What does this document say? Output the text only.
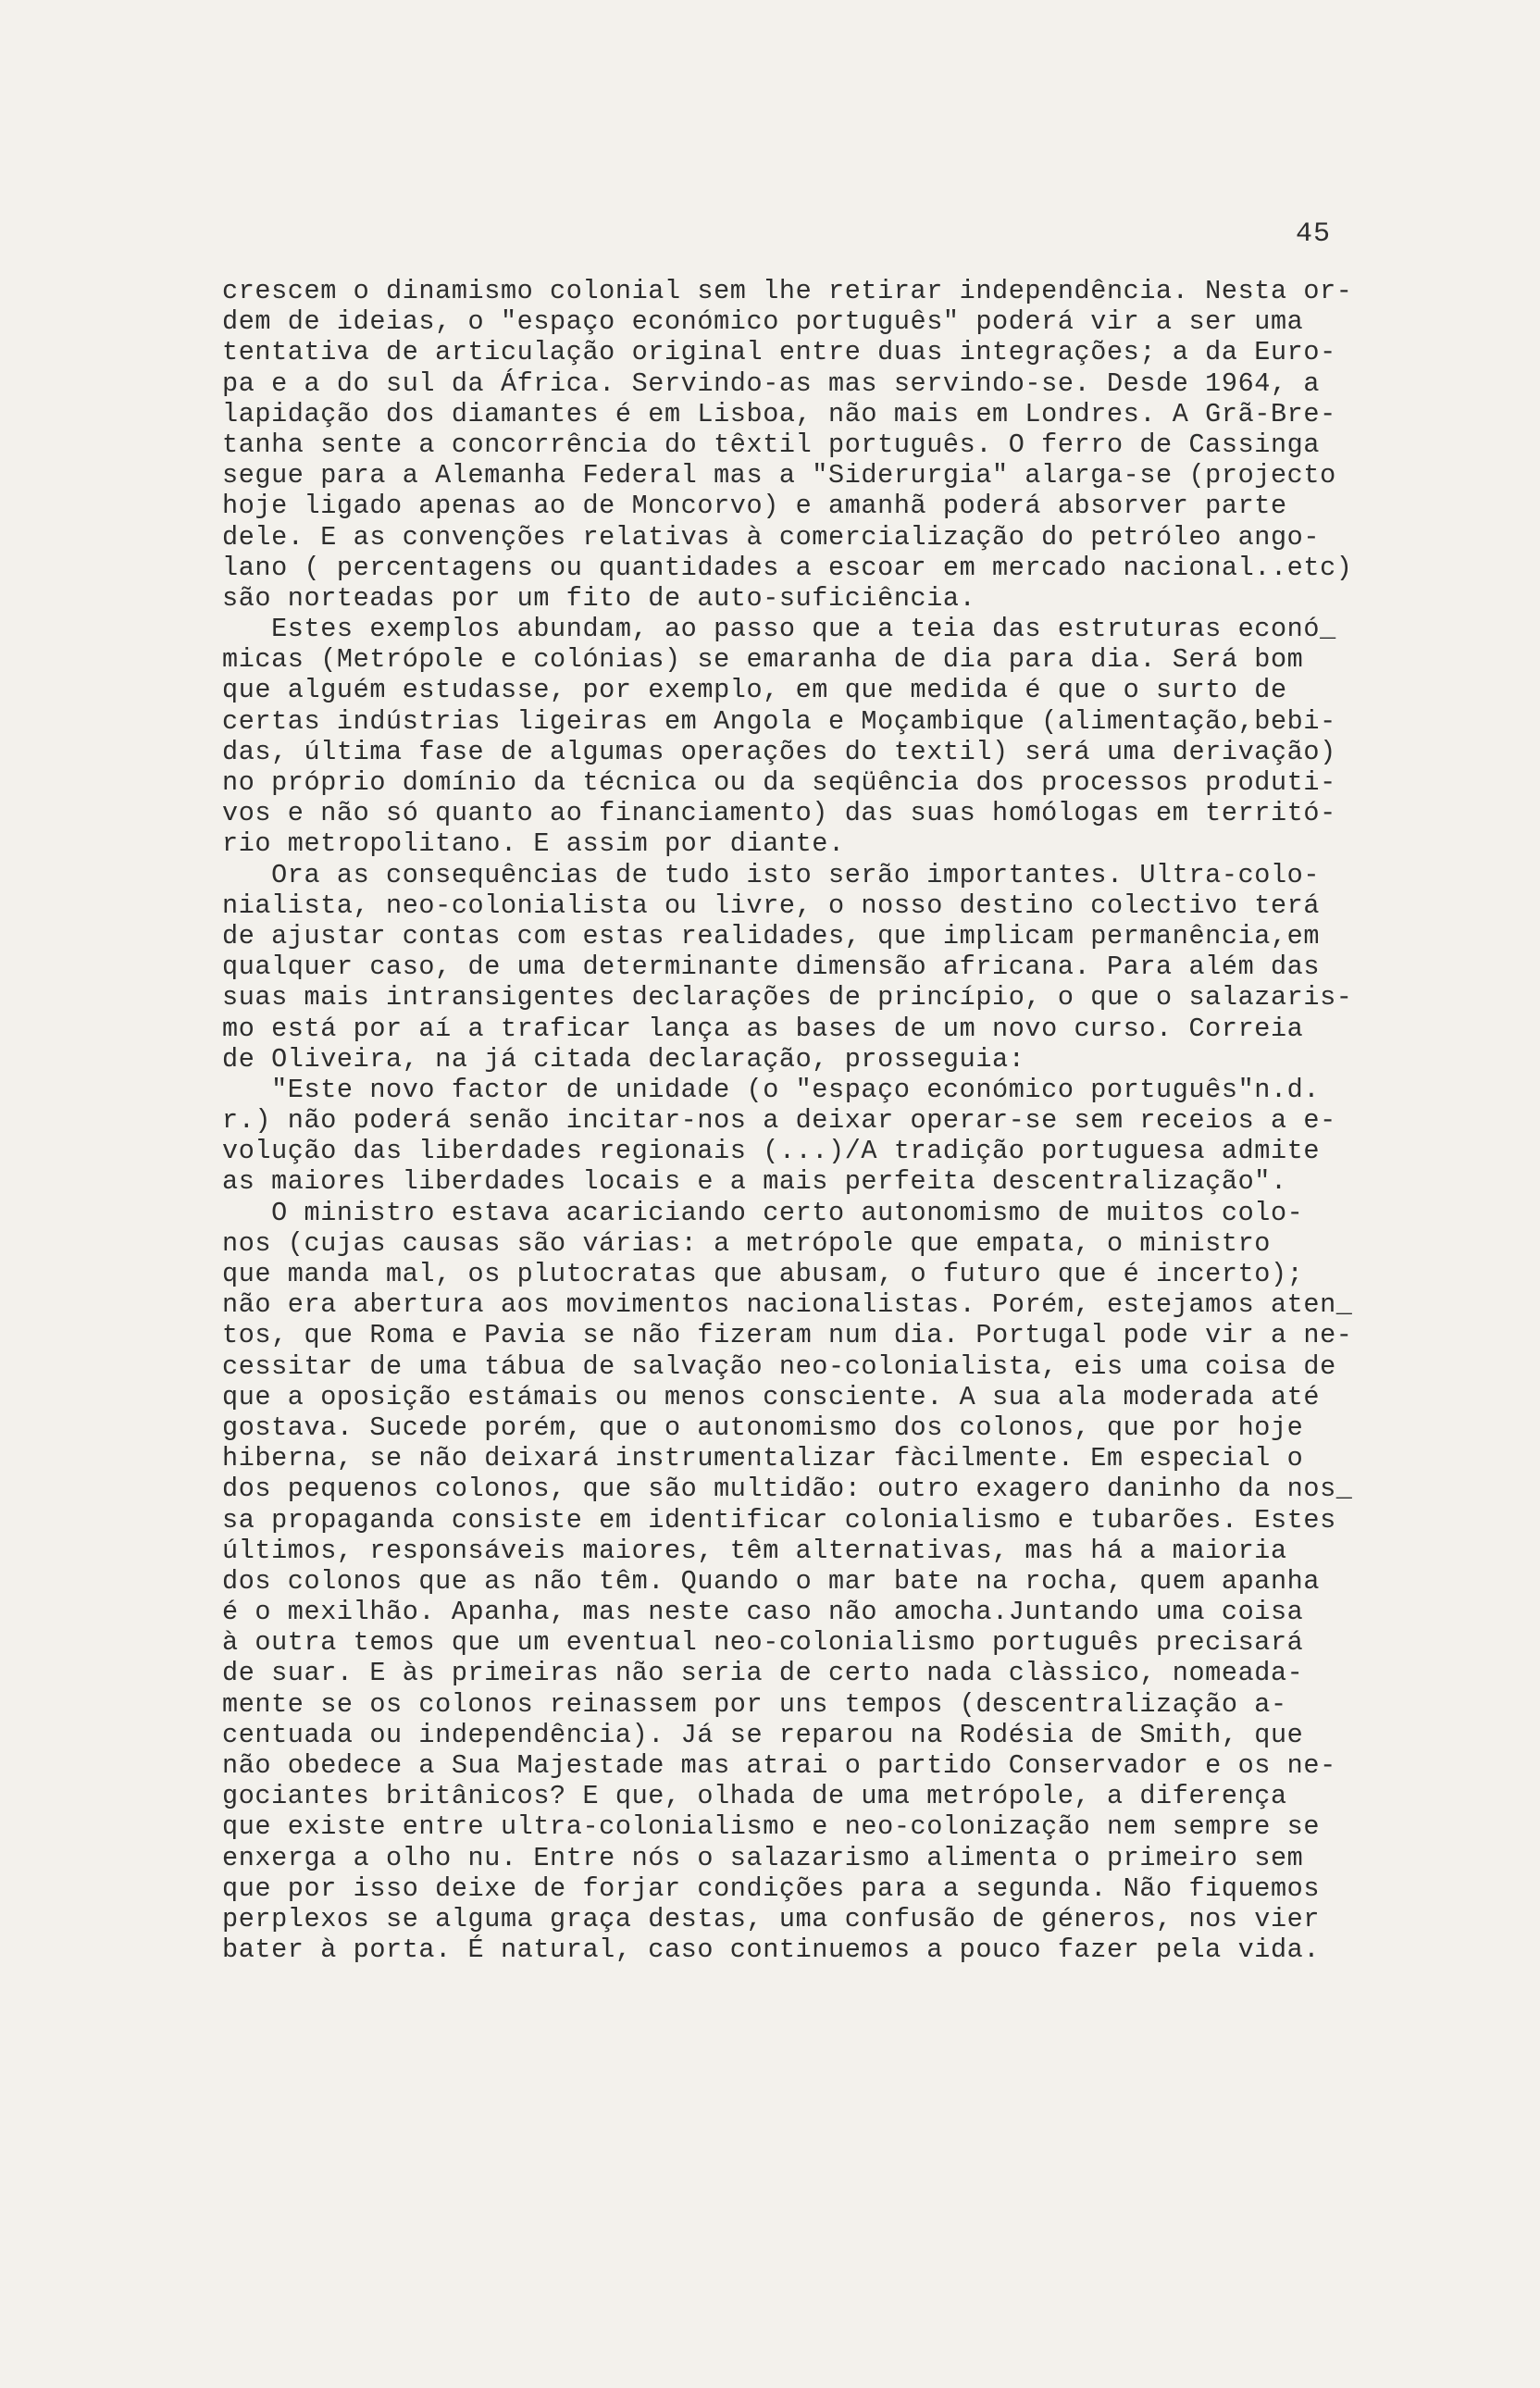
45
crescem o dinamismo colonial sem lhe retirar independência. Nesta or-
dem de ideias, o "espaço económico português" poderá vir a ser uma
tentativa de articulação original entre duas integrações; a da Euro-
pa e a do sul da África. Servindo-as mas servindo-se. Desde 1964, a
lapidação dos diamantes é em Lisboa, não mais em Londres. A Grã-Bre-
tanha sente a concorrência do têxtil português. O ferro de Cassinga
segue para a Alemanha Federal mas a "Siderurgia" alarga-se (projecto
hoje ligado apenas ao de Moncorvo) e amanhã poderá absorver parte
dele. E as convenções relativas à comercialização do petróleo ango-
lano ( percentagens ou quantidades a escoar em mercado nacional..etc)
são norteadas por um fito de auto-suficiência.
Estes exemplos abundam, ao passo que a teia das estruturas econó_
micas (Metrópole e colónias) se emaranha de dia para dia. Será bom
que alguém estudasse, por exemplo, em que medida é que o surto de
certas indústrias ligeiras em Angola e Moçambique (alimentação,bebi-
das, última fase de algumas operações do textil) será uma derivação)
no próprio domínio da técnica ou da seqüência dos processos produti-
vos e não só quanto ao financiamento) das suas homólogas em territó-
rio metropolitano. E assim por diante.
Ora as consequências de tudo isto serão importantes. Ultra-colo-
nialista, neo-colonialista ou livre, o nosso destino colectivo terá
de ajustar contas com estas realidades, que implicam permanência,em
qualquer caso, de uma determinante dimensão africana. Para além das
suas mais intransigentes declarações de princípio, o que o salazaris-
mo está por aí a traficar lança as bases de um novo curso. Correia
de Oliveira, na já citada declaração, prosseguia:
"Este novo factor de unidade (o "espaço económico português"n.d.
r.) não poderá senão incitar-nos a deixar operar-se sem receios a e-
volução das liberdades regionais (...)/A tradição portuguesa admite
as maiores liberdades locais e a mais perfeita descentralização".
O ministro estava acariciando certo autonomismo de muitos colo-
nos (cujas causas são várias: a metrópole que empata, o ministro
que manda mal, os plutocratas que abusam, o futuro que é incerto);
não era abertura aos movimentos nacionalistas. Porém, estejamos aten_
tos, que Roma e Pavia se não fizeram num dia. Portugal pode vir a ne-
cessitar de uma tábua de salvação neo-colonialista, eis uma coisa de
que a oposição estámais ou menos consciente. A sua ala moderada até
gostava. Sucede porém, que o autonomismo dos colonos, que por hoje
hiberna, se não deixará instrumentalizar fàcilmente. Em especial o
dos pequenos colonos, que são multidão: outro exagero daninho da nos_
sa propaganda consiste em identificar colonialismo e tubarões. Estes
últimos, responsáveis maiores, têm alternativas, mas há a maioria
dos colonos que as não têm. Quando o mar bate na rocha, quem apanha
é o mexilhão. Apanha, mas neste caso não amocha.Juntando uma coisa
à outra temos que um eventual neo-colonialismo português precisará
de suar. E às primeiras não seria de certo nada clàssico, nomeada-
mente se os colonos reinassem por uns tempos (descentralização a-
centuada ou independência). Já se reparou na Rodésia de Smith, que
não obedece a Sua Majestade mas atrai o partido Conservador e os ne-
gociantes britânicos? E que, olhada de uma metrópole, a diferença
que existe entre ultra-colonialismo e neo-colonização nem sempre se
enxerga a olho nu. Entre nós o salazarismo alimenta o primeiro sem
que por isso deixe de forjar condições para a segunda. Não fiquemos
perplexos se alguma graça destas, uma confusão de géneros, nos vier
bater à porta. É natural, caso continuemos a pouco fazer pela vida.
